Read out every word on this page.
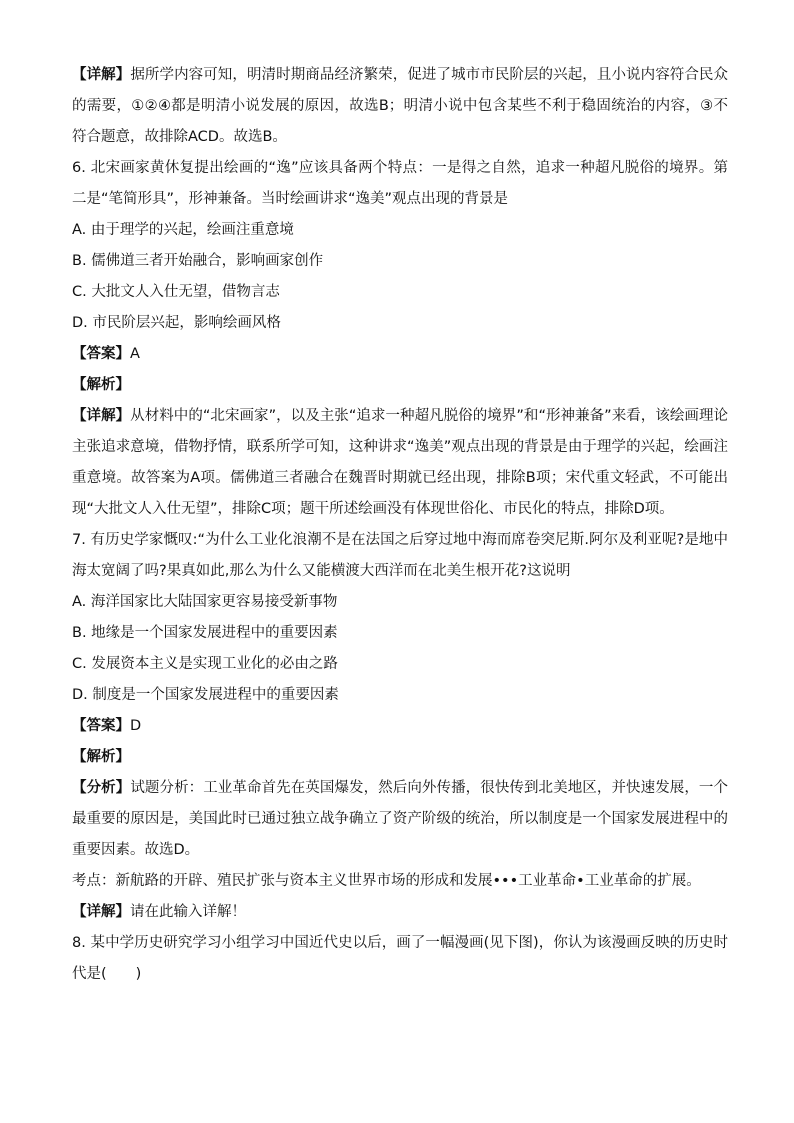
【详解】据所学内容可知，明清时期商品经济繁荣，促进了城市市民阶层的兴起，且小说内容符合民众的需要，①②④都是明清小说发展的原因，故选B；明清小说中包含某些不利于稳固统治的内容，③不符合题意，故排除ACD。故选B。

6. 北宋画家黄休复提出绘画的“逸”应该具备两个特点：一是得之自然，追求一种超凡脱俗的境界。第二是“笔简形具”，形神兼备。当时绘画讲求“逸美”观点出现的背景是

A. 由于理学的兴起，绘画注重意境

B. 儒佛道三者开始融合，影响画家创作

C. 大批文人入仕无望，借物言志

D. 市民阶层兴起，影响绘画风格

【答案】A

【解析】

【详解】从材料中的“北宋画家”，以及主张“追求一种超凡脱俗的境界”和“形神兼备”来看，该绘画理论主张追求意境，借物抒情，联系所学可知，这种讲求“逸美”观点出现的背景是由于理学的兴起，绘画注重意境。故答案为A项。儒佛道三者融合在魏晋时期就已经出现，排除B项；宋代重文轻武，不可能出现“大批文人入仕无望”，排除C项；题干所述绘画没有体现世俗化、市民化的特点，排除D项。

7. 有历史学家慨叹:“为什么工业化浪潮不是在法国之后穿过地中海而席卷突尼斯.阿尔及利亚呢?是地中海太宽阔了吗?果真如此,那么为什么又能横渡大西洋而在北美生根开花?这说明

A. 海洋国家比大陆国家更容易接受新事物

B. 地缘是一个国家发展进程中的重要因素

C. 发展资本主义是实现工业化的必由之路

D. 制度是一个国家发展进程中的重要因素

【答案】D

【解析】

【分析】试题分析：工业革命首先在英国爆发，然后向外传播，很快传到北美地区，并快速发展，一个最重要的原因是，美国此时已通过独立战争确立了资产阶级的统治，所以制度是一个国家发展进程中的重要因素。故选D。

考点：新航路的开辟、殖民扩张与资本主义世界市场的形成和发展•••工业革命•工业革命的扩展。

【详解】请在此输入详解！

8. 某中学历史研究学习小组学习中国近代史以后，画了一幅漫画(见下图)，你认为该漫画反映的历史时代是(　　)
